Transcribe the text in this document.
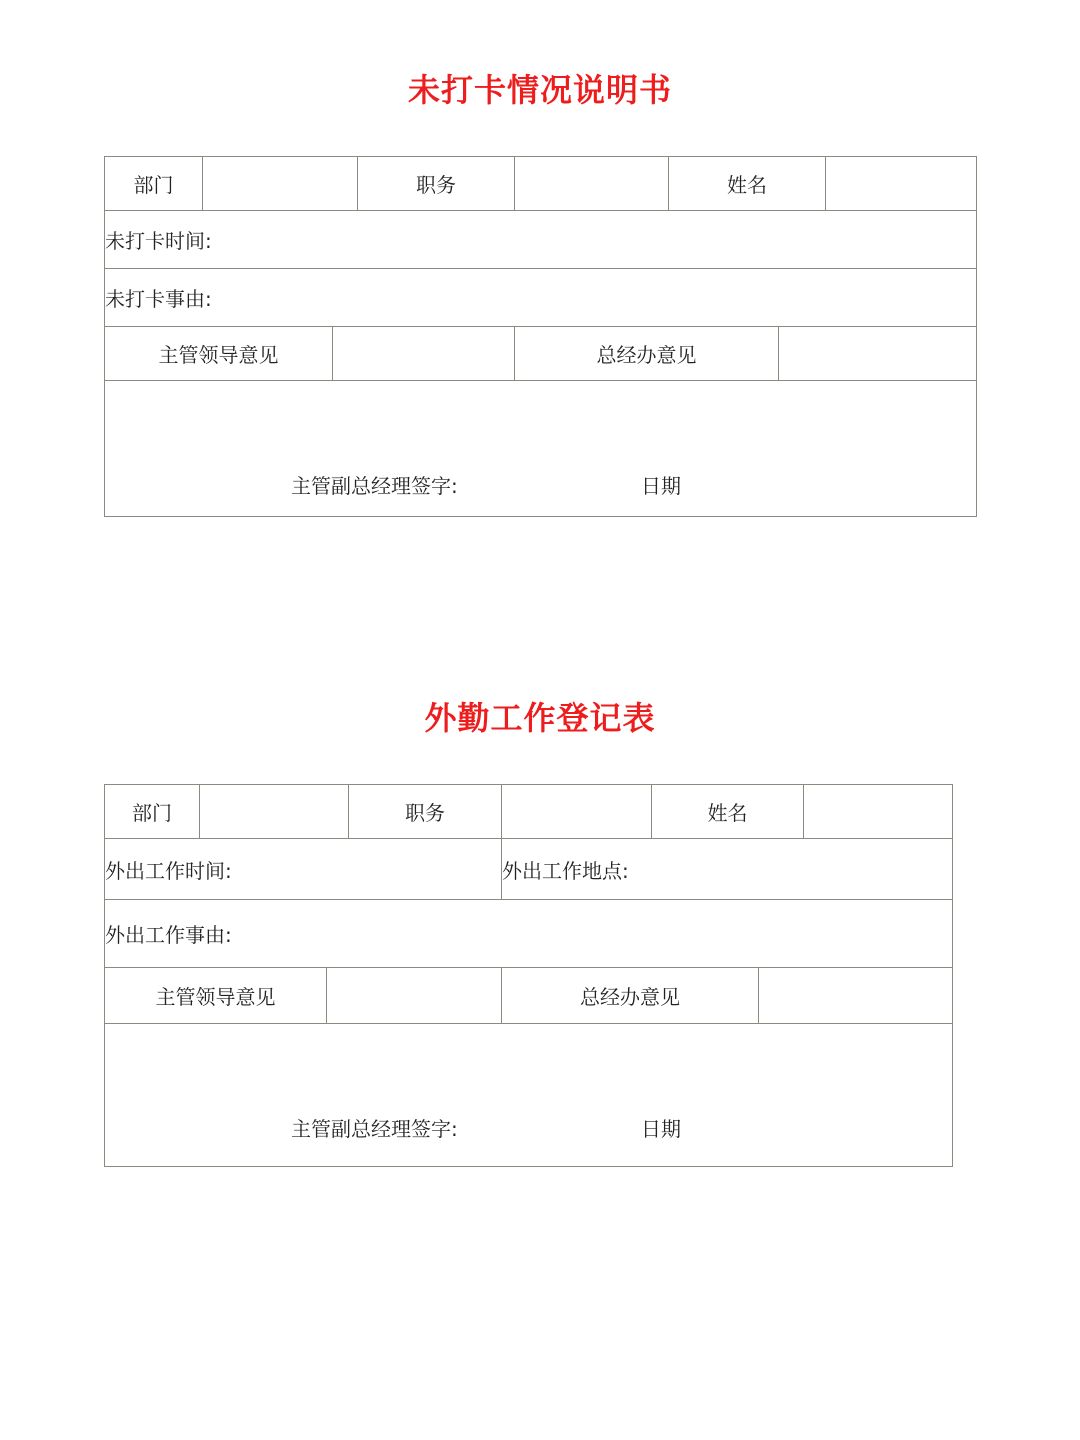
未打卡情况说明书
部门			职务		姓名		
未打卡时间:							
未打卡事由:							
主管领导意见				总经办意见			

主管副总经理签字: 日期							
外勤工作登记表
部门			职务		姓名		
外出工作时间:				外出工作地点:			
外出工作事由:							
主管领导意见				总经办意见			

主管副总经理签字: 日期							
